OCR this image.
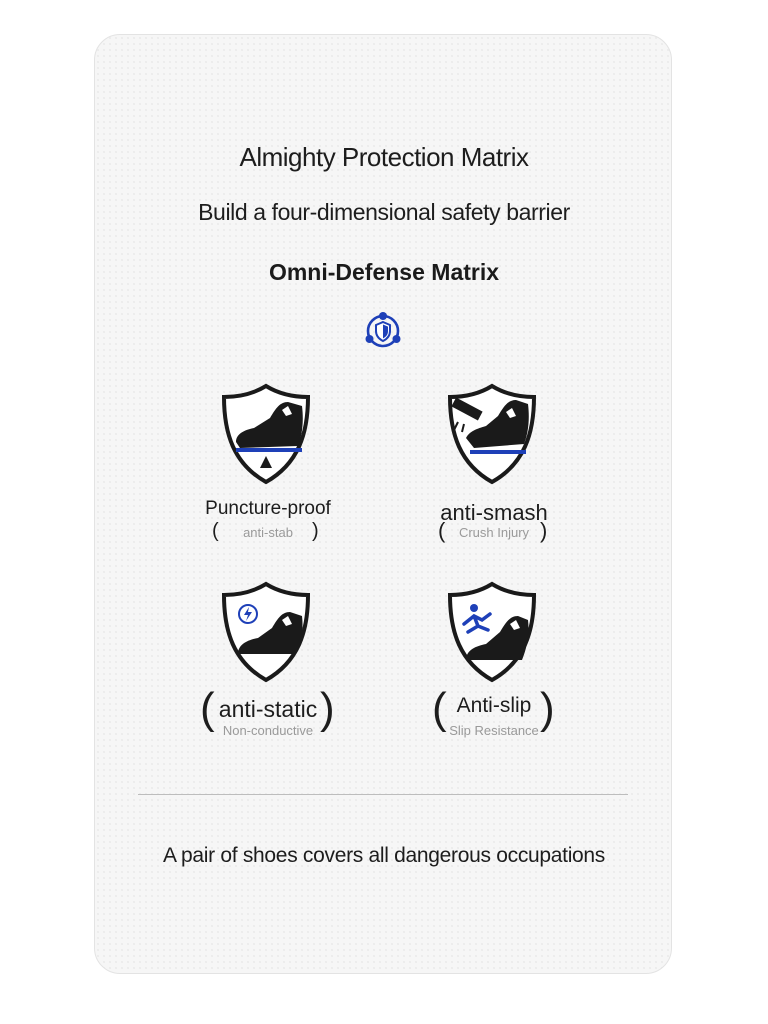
Almighty Protection Matrix
Build a four-dimensional safety barrier
Omni-Defense Matrix
(
Puncture-proof
anti-stab )	(
anti-smash
Crush Injury )
( anti-static
Non-conductive ) ( Anti-slip
Slip Resistance )
A pair of shoes covers all dangerous occupations
